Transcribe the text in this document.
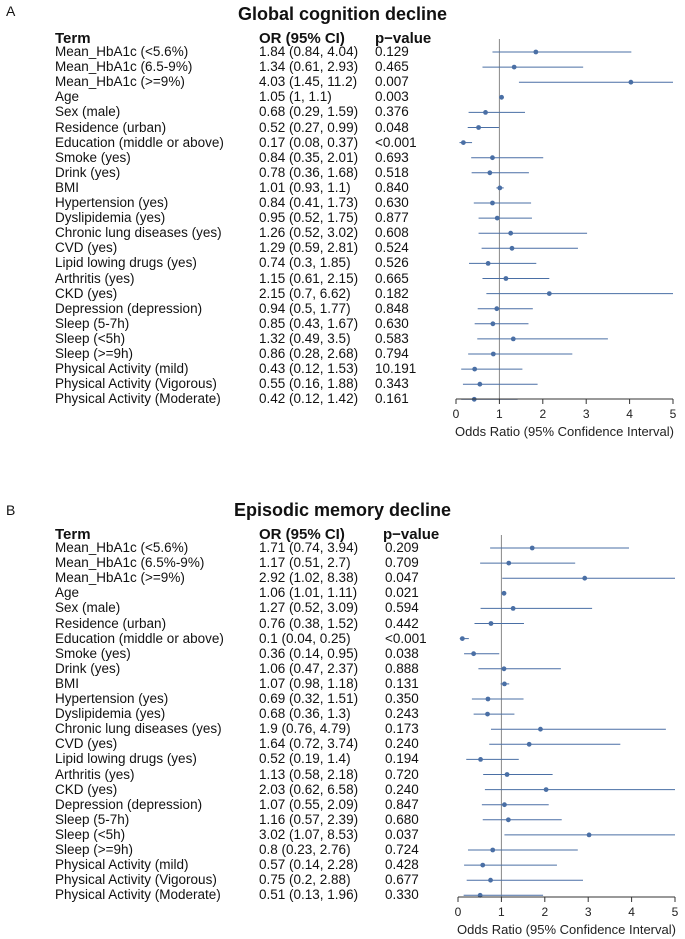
A	Global cognition decline
Term	OR (95% CI) p−value
Mean_HbA1c (<5.6%)	1.84 (0.84, 4.04) 0.129
Mean_HbA1c (6.5-9%)	1.34 (0.61, 2.93) 0.465
Mean_HbA1c (>=9%)	4.03 (1.45, 11.2) 0.007
Age	1.05 (1, 1.1)	0.003
Sex (male)	0.68 (0.29, 1.59) 0.376
Residence (urban)	0.52 (0.27, 0.99) 0.048
Education (middle or above)	0.17 (0.08, 0.37) <0.001
Smoke (yes)	0.84 (0.35, 2.01) 0.693
Drink (yes)	0.78 (0.36, 1.68) 0.518
BMI	1.01 (0.93, 1.1) 0.840
Hypertension (yes)	0.84 (0.41, 1.73) 0.630
Dyslipidemia (yes)	0.95 (0.52, 1.75) 0.877
Chronic lung diseases (yes)	1.26 (0.52, 3.02) 0.608
CVD (yes)	1.29 (0.59, 2.81) 0.524
Lipid lowing drugs (yes)	0.74 (0.3, 1.85) 0.526
Arthritis (yes)	1.15 (0.61, 2.15) 0.665
CKD (yes)	2.15 (0.7, 6.62) 0.182
Depression (depression)	0.94 (0.5, 1.77) 0.848
Sleep (5-7h)	0.85 (0.43, 1.67) 0.630
Sleep (<5h)	1.32 (0.49, 3.5) 0.583
Sleep (>=9h)	0.86 (0.28, 2.68) 0.794
Physical Activity (mild)	0.43 (0.12, 1.53) 10.191
Physical Activity (Vigorous)	0.55 (0.16, 1.88) 0.343
Physical Activity (Moderate)	0.42 (0.12, 1.42) 0.161
0	1	2	3	4	5
Odds Ratio (95% Confidence Interval)
B	Episodic memory decline
Term	OR (95% CI)	p−value
Mean_HbA1c (<5.6%)	1.71 (0.74, 3.94) 0.209
Mean_HbA1c (6.5%-9%)	1.17 (0.51, 2.7)	0.709
Mean_HbA1c (>=9%)	2.92 (1.02, 8.38) 0.047
Age	1.06 (1.01, 1.11) 0.021
Sex (male)	1.27 (0.52, 3.09) 0.594
Residence (urban)	0.76 (0.38, 1.52) 0.442
Education (middle or above)	0.1 (0.04, 0.25)	<0.001
Smoke (yes)	0.36 (0.14, 0.95) 0.038
Drink (yes)	1.06 (0.47, 2.37) 0.888
BMI	1.07 (0.98, 1.18) 0.131
Hypertension (yes)	0.69 (0.32, 1.51) 0.350
Dyslipidemia (yes)	0.68 (0.36, 1.3)	0.243
Chronic lung diseases (yes)	1.9 (0.76, 4.79)	0.173
CVD (yes)	1.64 (0.72, 3.74) 0.240
Lipid lowing drugs (yes)	0.52 (0.19, 1.4)	0.194
Arthritis (yes)	1.13 (0.58, 2.18) 0.720
CKD (yes)	2.03 (0.62, 6.58) 0.240
Depression (depression)	1.07 (0.55, 2.09) 0.847
Sleep (5-7h)	1.16 (0.57, 2.39) 0.680
Sleep (<5h)	3.02 (1.07, 8.53) 0.037
Sleep (>=9h)	0.8 (0.23, 2.76)	0.724
Physical Activity (mild)	0.57 (0.14, 2.28) 0.428
Physical Activity (Vigorous)	0.75 (0.2, 2.88)	0.677
Physical Activity (Moderate)	0.51 (0.13, 1.96) 0.330
0	1	2	3	4	5
Odds Ratio (95% Confidence Interval)
